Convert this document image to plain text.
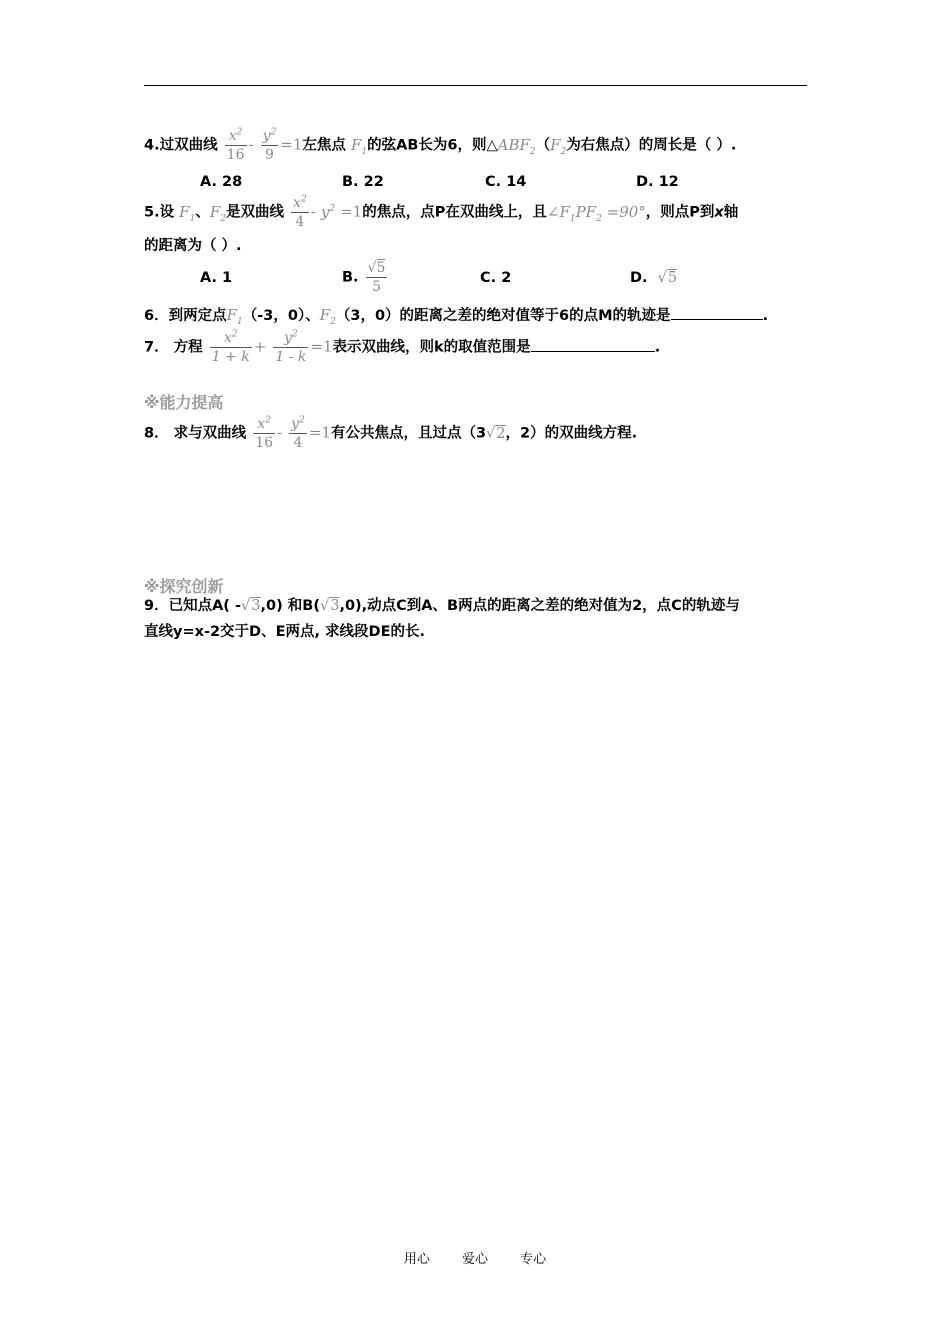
4.过双曲线 $\frac{x^2}{16} - \frac{y^2}{9} =1$左焦点 $F_1$的弦AB长为6，则$\triangle ABF_2(F_2$为右焦点）的周长是（ ）.
A. 28	B. 22	C. 14	D. 12
5.设 $F_1$、$F_2$是双曲线 $\frac{x^2}{4} - y^2 =1$的焦点，点P在双曲线上，且$\angle F_1PF_2 =90^\circ$，则点P到x轴
的距离为（ ）.
A. 1	B. $\frac{√5}{5}$	C. 2	D. √5
6．到两定点$F_1(-3$，0）、$F_2(3$，0）的距离之差的绝对值等于6的点M的轨迹是	.
7． 方程 $\frac{x^2}{1 + k} + \frac{y^2}{1 - k} =1$表示双曲线，则k的取值范围是	.
※能力提高
8． 求与双曲线 $\frac{x^2}{16} - \frac{y^2}{4} =1$有公共焦点，且过点（3√2，2）的双曲线方程.
※探究创新
9．已知点A( -√3,0) 和B(√3,0),动点C到A、B两点的距离之差的绝对值为2，点C的轨迹与
直线y=x-2交于D、E两点, 求线段DE的长.
用心 爱心 专心
